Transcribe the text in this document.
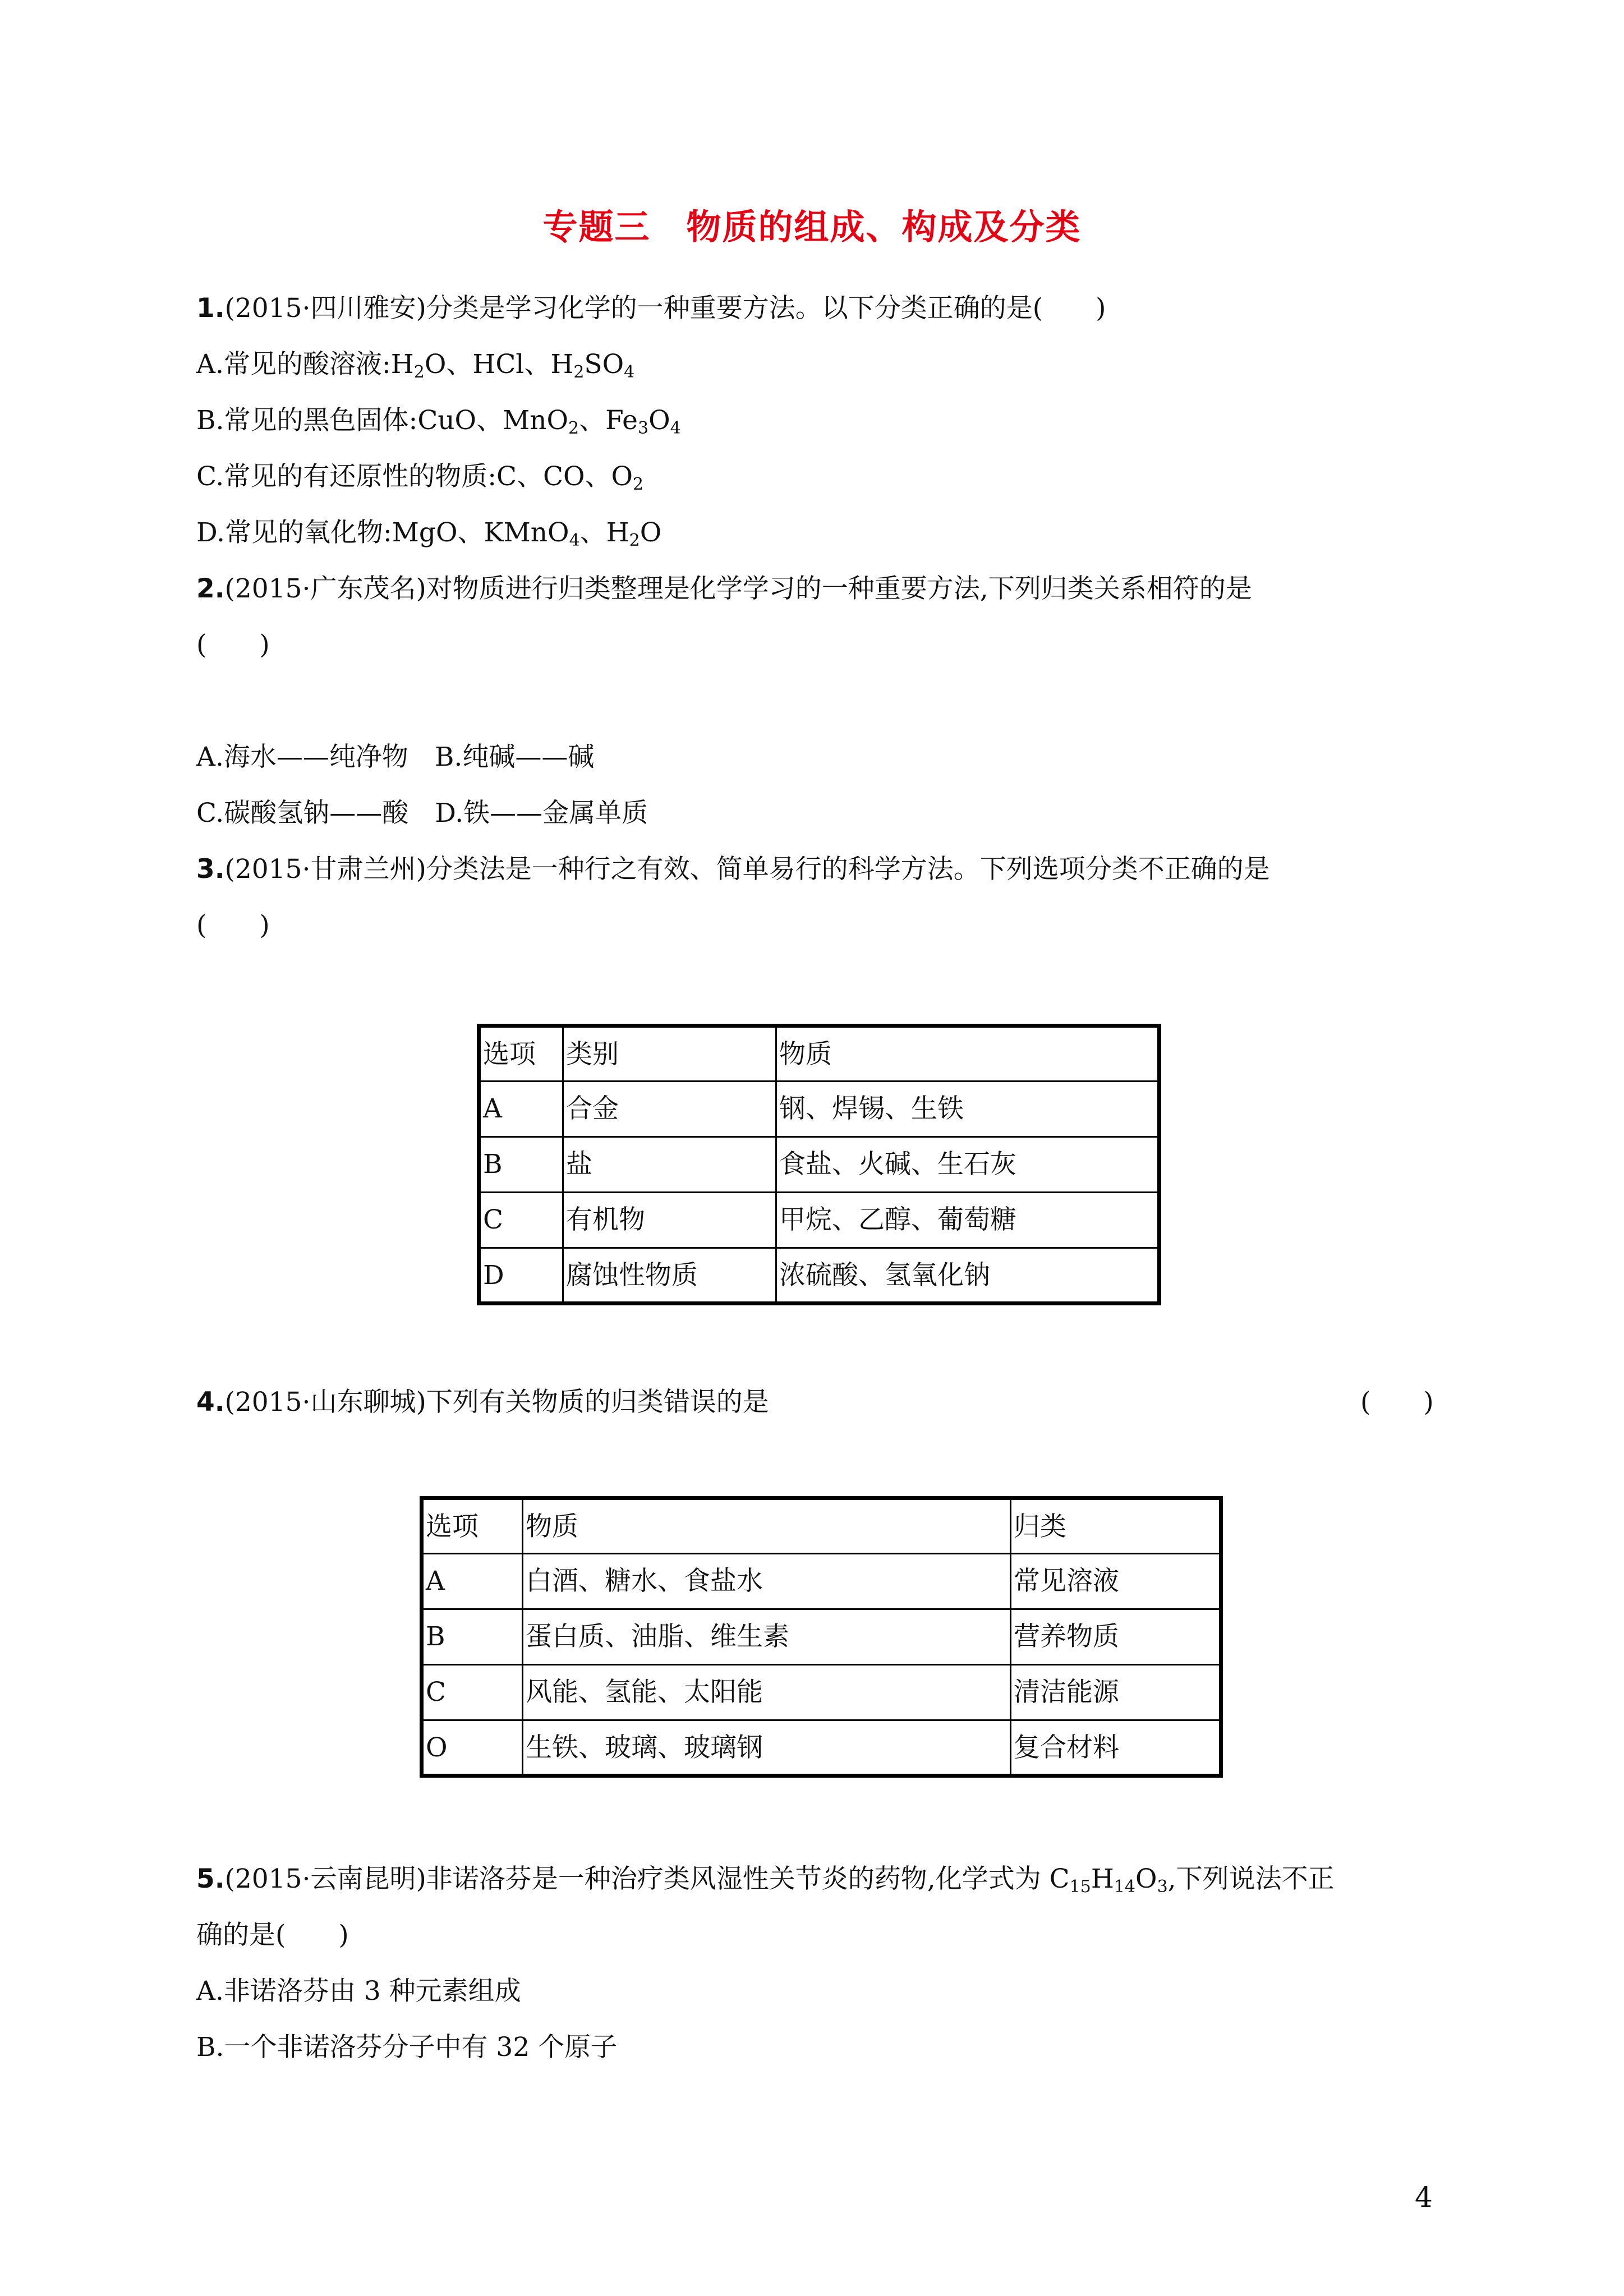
专题三　物质的组成、构成及分类
1.(2015·四川雅安)分类是学习化学的一种重要方法。以下分类正确的是(　　)
A.常见的酸溶液$:H_2O$、HCl、$H_2SO_4$
B.常见的黑色固体:CuO、MnO$_2$、$Fe_3O_4$
C.常见的有还原性的物质:C、CO、$O_2$
D.常见的氧化物:MgO、KMnO$_4$、$H_2O$
2.(2015·广东茂名)对物质进行归类整理是化学学习的一种重要方法,下列归类关系相符的是
(　　)
A.海水——纯净物　B.纯碱——碱
C.碳酸氢钠——酸　D.铁——金属单质
3.(2015·甘肃兰州)分类法是一种行之有效、简单易行的科学方法。下列选项分类不正确的是
(　　)
选项	类别	物质
A	合金	钢、焊锡、生铁
B	盐	食盐、火碱、生石灰
C	有机物	甲烷、乙醇、葡萄糖
D	腐蚀性物质	浓硫酸、氢氧化钠
4.(2015·山东聊城)下列有关物质的归类错误的是	(　　)
选项	物质	归类
A	白酒、糖水、食盐水	常见溶液
B	蛋白质、油脂、维生素	营养物质
C	风能、氢能、太阳能	清洁能源
O	生铁、玻璃、玻璃钢	复合材料
5.(2015·云南昆明)非诺洛芬是一种治疗类风湿性关节炎的药物,化学式为 $C_{15}H_{14}O_3$,下列说法不正
确的是(　　)
A.非诺洛芬由 3 种元素组成
B.一个非诺洛芬分子中有 32 个原子
4
